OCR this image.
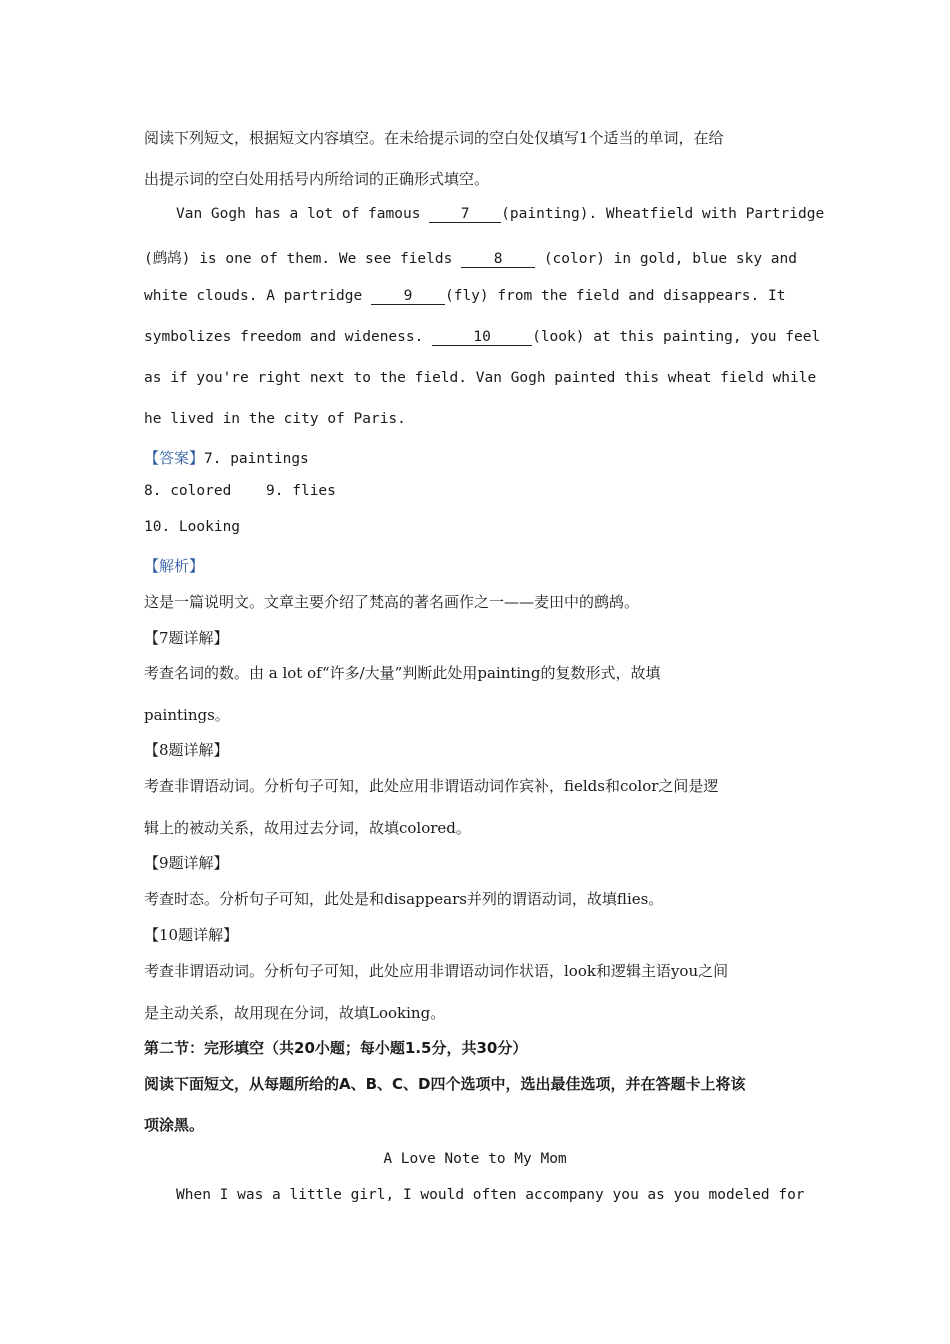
阅读下列短文，根据短文内容填空。在未给提示词的空白处仅填写1个适当的单词，在给
出提示词的空白处用括号内所给词的正确形式填空。
Van Gogh has a lot of famous	7 (painting). Wheatfield with Partridge
(鹧鸪) is one of them. We see fields	8 (color) in gold, blue sky and
white clouds. A partridge	9 (fly) from the field and disappears. It
symbolizes freedom and wideness.	10	(look) at this painting, you feel
as if you're right next to the field. Van Gogh painted this wheat field while
he lived in the city of Paris.
【答案】7. paintings
8. colored 9. flies
10. Looking
【解析】
这是一篇说明文。文章主要介绍了梵高的著名画作之一——麦田中的鹧鸪。
【7题详解】
考查名词的数。由 a lot of“许多/大量”判断此处用painting的复数形式，故填
paintings。
【8题详解】
考查非谓语动词。分析句子可知，此处应用非谓语动词作宾补，fields和color之间是逻
辑上的被动关系，故用过去分词，故填colored。
【9题详解】
考查时态。分析句子可知，此处是和disappears并列的谓语动词，故填flies。
【10题详解】
考查非谓语动词。分析句子可知，此处应用非谓语动词作状语，look和逻辑主语you之间
是主动关系，故用现在分词，故填Looking。
第二节：完形填空（共20小题；每小题1.5分，共30分）
阅读下面短文，从每题所给的A、B、C、D四个选项中，选出最佳选项，并在答题卡上将该
项涂黑。
A Love Note to My Mom
When I was a little girl, I would often accompany you as you modeled for
